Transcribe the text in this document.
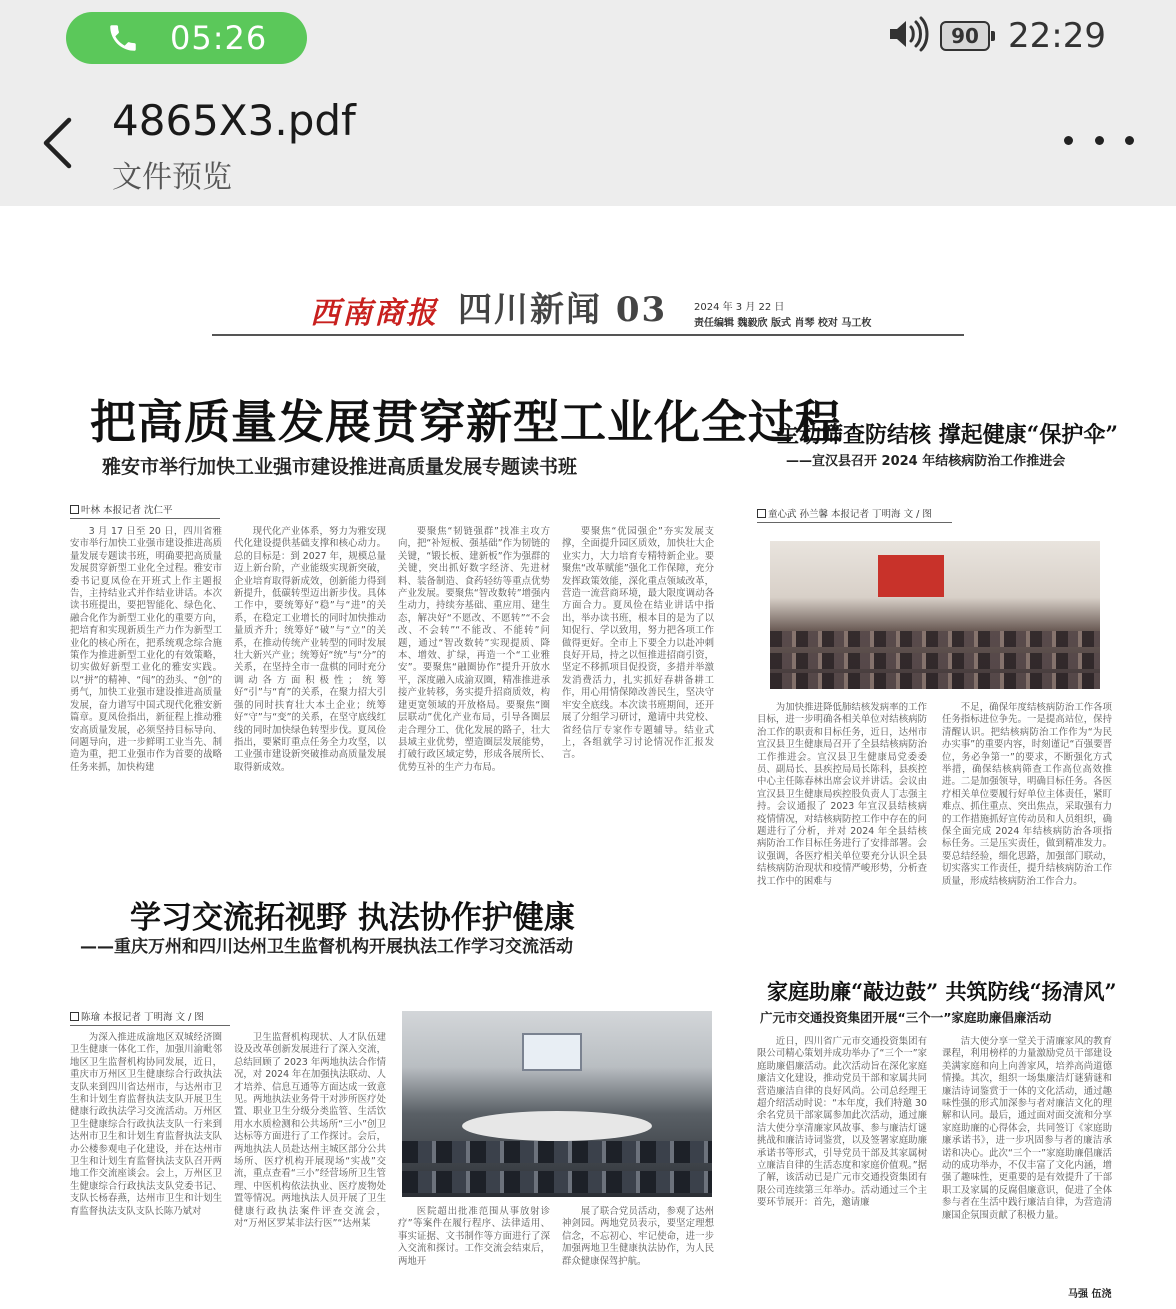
05:26	90 22:29
4865X3.pdf
文件预览
西南商报 四川新闻 03	2024 年 3 月 22 日
责任编辑 魏毅欣 版式 肖琴 校对 马工枚
把高质量发展贯穿新型工业化全过程
雅安市举行加快工业强市建设推进高质量发展专题读书班
叶林 本报记者 沈仁平

3 月 17 日至 20 日，四川省雅安市举行加快工业强市建设推进高质量发展专题读书班，明确要把高质量发展贯穿新型工业化全过程。雅安市委书记夏凤俭在开班式上作主题报告，主持结业式并作结业讲话。本次读书班提出，要把智能化、绿色化、融合化作为新型工业化的重要方向，把培育和实现新质生产力作为新型工业化的核心所在，把系统观念综合施策作为推进新型工业化的有效策略，切实做好新型工业化的雅安实践。以“拼”的精神、“闯”的劲头、“创”的勇气，加快工业强市建设推进高质量发展，奋力谱写中国式现代化雅安新篇章。夏凤俭指出，新征程上推动雅安高质量发展，必须坚持目标导向、问题导向，进一步鲜明工业当先、制造为重，把工业强市作为首要的战略任务来抓，加快构建

现代化产业体系，努力为雅安现代化建设提供基础支撑和核心动力。总的目标是：到 2027 年，规模总量迈上新台阶，产业能级实现新突破，企业培育取得新成效，创新能力得到新提升，低碳转型迈出新步伐。具体工作中，要统筹好“稳”与“进”的关系，在稳定工业增长的同时加快推动量质齐升；统筹好“破”与“立”的关系，在推动传统产业转型的同时发展壮大新兴产业；统筹好“统”与“分”的关系，在坚持全市一盘棋的同时充分调动各方面积极性；统筹好“引”与“育”的关系，在聚力招大引强的同时扶育壮大本土企业；统筹好“守”与“变”的关系，在坚守底线红线的同时加快绿色转型步伐。夏凤俭指出，要紧盯重点任务全力攻坚，以工业强市建设新突破推动高质量发展取得新成效。

要聚焦“韧链强群”找准主攻方向，把“补短板、强基础”作为韧链的关键，“锻长板、建新板”作为强群的关键，突出抓好数字经济、先进材料、装备制造、食药轻纺等重点优势产业发展。要聚焦“智改数转”增强内生动力，持续夯基础、重应用、建生态，解决好“不愿改、不愿转”“不会改、不会转”“不能改、不能转”问题，通过“智改数转”实现提质、降本、增效、扩绿，再造一个“工业雅安”。要聚焦“融圈协作”提升开放水平，深度融入成渝双圈，精准推进承接产业转移，务实提升招商质效，构建更宽领域的开放格局。要聚焦“圈层联动”优化产业布局，引导各圈层走合理分工、优化发展的路子，壮大县域主业优势，塑造圈层发展能势，打破行政区域定势，形成各展所长、优势互补的生产力布局。

要聚焦“优园强企”夯实发展支撑，全面提升园区质效，加快壮大企业实力，大力培育专精特新企业。要聚焦“改革赋能”强化工作保障，充分发挥政策效能，深化重点领域改革，营造一流营商环境，最大限度调动各方面合力。夏凤俭在结业讲话中指出，举办读书班，根本目的是为了以知促行、学以致用，努力把各项工作做得更好。全市上下要全力以赴冲刺良好开局，持之以恒推进招商引资，坚定不移抓项目促投资，多措并举激发消费活力，扎实抓好春耕备耕工作，用心用情保障改善民生，坚决守牢安全底线。本次读书班期间，还开展了分组学习研讨，邀请中共党校、省经信厅专家作专题辅导。结业式上，各组就学习讨论情况作汇报发言。

主动筛查防结核 撑起健康“保护伞”
——宣汉县召开 2024 年结核病防治工作推进会
童心武 孙兰馨 本报记者 丁明海 文 / 图

为加快推进降低肺结核发病率的工作目标，进一步明确各相关单位对结核病防治工作的职责和目标任务，近日，达州市宣汉县卫生健康局召开了全县结核病防治工作推进会。宣汉县卫生健康局党委委员、副局长、县疾控局局长陈科，县疾控中心主任陈春林出席会议并讲话。会议由宣汉县卫生健康局疾控股负责人丁志强主持。会议通报了 2023 年宣汉县结核病疫情情况，对结核病防控工作中存在的问题进行了分析，并对 2024 年全县结核病防治工作目标任务进行了安排部署。会议强调，各医疗相关单位要充分认识全县结核病防治现状和疫情严峻形势，分析查找工作中的困难与

不足，确保年度结核病防治工作各项任务指标进位争先。一是提高站位，保持清醒认识。把结核病防治工作作为“为民办实事”的重要内容，时刻谨记“百强要晋位，务必争第一”的要求，不断强化方式举措，确保结核病筛查工作高位高效推进。二是加强领导，明确目标任务。各医疗相关单位要履行好单位主体责任，紧盯难点、抓住重点、突出焦点，采取强有力的工作措施抓好宣传动员和人员组织，确保全面完成 2024 年结核病防治各项指标任务。三是压实责任，做到精准发力。要总结经验，细化思路，加强部门联动，切实落实工作责任，提升结核病防治工作质量，形成结核病防治工作合力。

学习交流拓视野 执法协作护健康
——重庆万州和四川达州卫生监督机构开展执法工作学习交流活动
陈瑜 本报记者 丁明海 文 / 图

为深入推进成渝地区双城经济圈卫生健康一体化工作，加强川渝毗邻地区卫生监督机构协同发展，近日，重庆市万州区卫生健康综合行政执法支队来到四川省达州市，与达州市卫生和计划生育监督执法支队开展卫生健康行政执法学习交流活动。万州区卫生健康综合行政执法支队一行来到达州市卫生和计划生育监督执法支队办公楼参观电子化建设，并在达州市卫生和计划生育监督执法支队召开两地工作交流座谈会。会上，万州区卫生健康综合行政执法支队党委书记、支队长杨春燕，达州市卫生和计划生育监督执法支队支队长陈乃斌对

卫生监督机构现状、人才队伍建设及改革创新发展进行了深入交流，总结回顾了 2023 年两地执法合作情况，对 2024 年在加强执法联动、人才培养、信息互通等方面达成一致意见。两地执法业务骨干对涉所医疗处置、职业卫生分级分类监管、生活饮用水水质检测和公共场所“三小”创卫达标等方面进行了工作探讨。会后，两地执法人员赴达州主城区部分公共场所、医疗机构开展现场“实战”交流，重点查看“三小”经营场所卫生管理、中医机构依法执业、医疗废物处置等情况。两地执法人员开展了卫生健康行政执法案件评查交流会，对“万州区罗某非法行医”“达州某

医院超出批准范围从事放射诊疗”等案件在履行程序、法律适用、事实证据、文书制作等方面进行了深入交流和探讨。工作交流会结束后，两地开

展了联合党员活动，参观了达州神剑园。两地党员表示，要坚定理想信念，不忘初心、牢记使命，进一步加强两地卫生健康执法协作，为人民群众健康保驾护航。

家庭助廉“敲边鼓” 共筑防线“扬清风”
广元市交通投资集团开展“三个一”家庭助廉倡廉活动

近日，四川省广元市交通投资集团有限公司精心策划并成功举办了“三个一”家庭助廉倡廉活动。此次活动旨在深化家庭廉洁文化建设，推动党员干部和家属共同营造廉洁自律的良好风尚。公司总经理王超介绍活动时说：“本年度，我们特邀 30 余名党员干部家属参加此次活动，通过廉洁大使分享清廉家风故事、参与廉洁灯谜挑战和廉洁诗词鉴赏，以及签署家庭助廉承诺书等形式，引导党员干部及其家属树立廉洁自律的生活态度和家庭价值观。”据了解，该活动已是广元市交通投资集团有限公司连续第三年举办。活动通过三个主要环节展开：首先，邀请廉

洁大使分享一堂关于清廉家风的教育课程，利用榜样的力量激励党员干部建设美满家庭和向上向善家风，培养高尚道德情操。其次，组织一场集廉洁灯谜猜谜和廉洁诗词鉴赏于一体的文化活动，通过趣味性强的形式加深参与者对廉洁文化的理解和认同。最后，通过面对面交流和分享家庭助廉的心得体会，共同签订《家庭助廉承诺书》，进一步巩固参与者的廉洁承诺和决心。此次“三个一”家庭助廉倡廉活动的成功举办，不仅丰富了文化内涵，增强了趣味性，更重要的是有效提升了干部职工及家属的反腐倡廉意识，促进了全体参与者在生活中践行廉洁自律，为营造清廉国企氛围贡献了积极力量。

马强 伍浇
